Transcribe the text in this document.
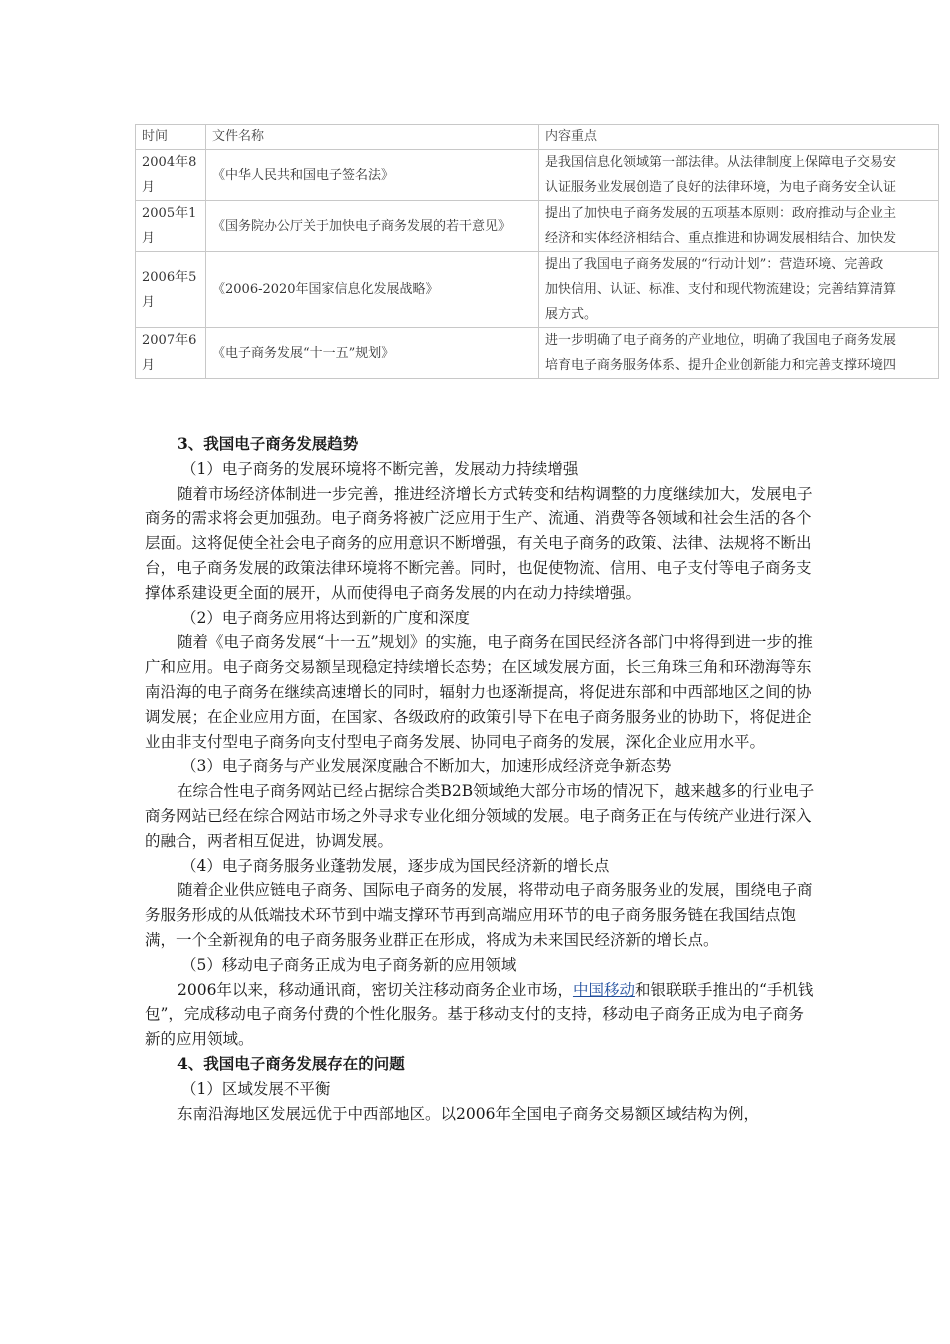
时间	文件名称	内容重点
2004年8月	《中华人民共和国电子签名法》	是我国信息化领域第一部法律。从法律制度上保障电子交易安
认证服务业发展创造了良好的法律环境，为电子商务安全认证

2005年1月	《国务院办公厅关于加快电子商务发展的若干意见》	提出了加快电子商务发展的五项基本原则：政府推动与企业主
经济和实体经济相结合、重点推进和协调发展相结合、加快发

2006年5月	《2006-2020年国家信息化发展战略》	提出了我国电子商务发展的“行动计划”：营造环境、完善政
加快信用、认证、标准、支付和现代物流建设；完善结算清算
展方式。

2007年6月	《电子商务发展“十一五”规划》	进一步明确了电子商务的产业地位，明确了我国电子商务发展
培育电子商务服务体系、提升企业创新能力和完善支撑环境四

3、我国电子商务发展趋势

（1）电子商务的发展环境将不断完善，发展动力持续增强

随着市场经济体制进一步完善，推进经济增长方式转变和结构调整的力度继续加大，发展电子商务的需求将会更加强劲。电子商务将被广泛应用于生产、流通、消费等各领域和社会生活的各个层面。这将促使全社会电子商务的应用意识不断增强，有关电子商务的政策、法律、法规将不断出台，电子商务发展的政策法律环境将不断完善。同时，也促使物流、信用、电子支付等电子商务支撑体系建设更全面的展开，从而使得电子商务发展的内在动力持续增强。

（2）电子商务应用将达到新的广度和深度

随着《电子商务发展“十一五”规划》的实施，电子商务在国民经济各部门中将得到进一步的推广和应用。电子商务交易额呈现稳定持续增长态势；在区域发展方面，长三角珠三角和环渤海等东南沿海的电子商务在继续高速增长的同时，辐射力也逐渐提高，将促进东部和中西部地区之间的协调发展；在企业应用方面，在国家、各级政府的政策引导下在电子商务服务业的协助下，将促进企业由非支付型电子商务向支付型电子商务发展、协同电子商务的发展，深化企业应用水平。

（3）电子商务与产业发展深度融合不断加大，加速形成经济竞争新态势

在综合性电子商务网站已经占据综合类B2B领域绝大部分市场的情况下，越来越多的行业电子商务网站已经在综合网站市场之外寻求专业化细分领域的发展。电子商务正在与传统产业进行深入的融合，两者相互促进，协调发展。

（4）电子商务服务业蓬勃发展，逐步成为国民经济新的增长点

随着企业供应链电子商务、国际电子商务的发展，将带动电子商务服务业的发展，围绕电子商务服务形成的从低端技术环节到中端支撑环节再到高端应用环节的电子商务服务链在我国结点饱满，一个全新视角的电子商务服务业群正在形成，将成为未来国民经济新的增长点。

（5）移动电子商务正成为电子商务新的应用领域

2006年以来，移动通讯商，密切关注移动商务企业市场，中国移动和银联联手推出的“手机钱包”，完成移动电子商务付费的个性化服务。基于移动支付的支持，移动电子商务正成为电子商务新的应用领域。

4、我国电子商务发展存在的问题

（1）区域发展不平衡

东南沿海地区发展远优于中西部地区。以2006年全国电子商务交易额区域结构为例，
